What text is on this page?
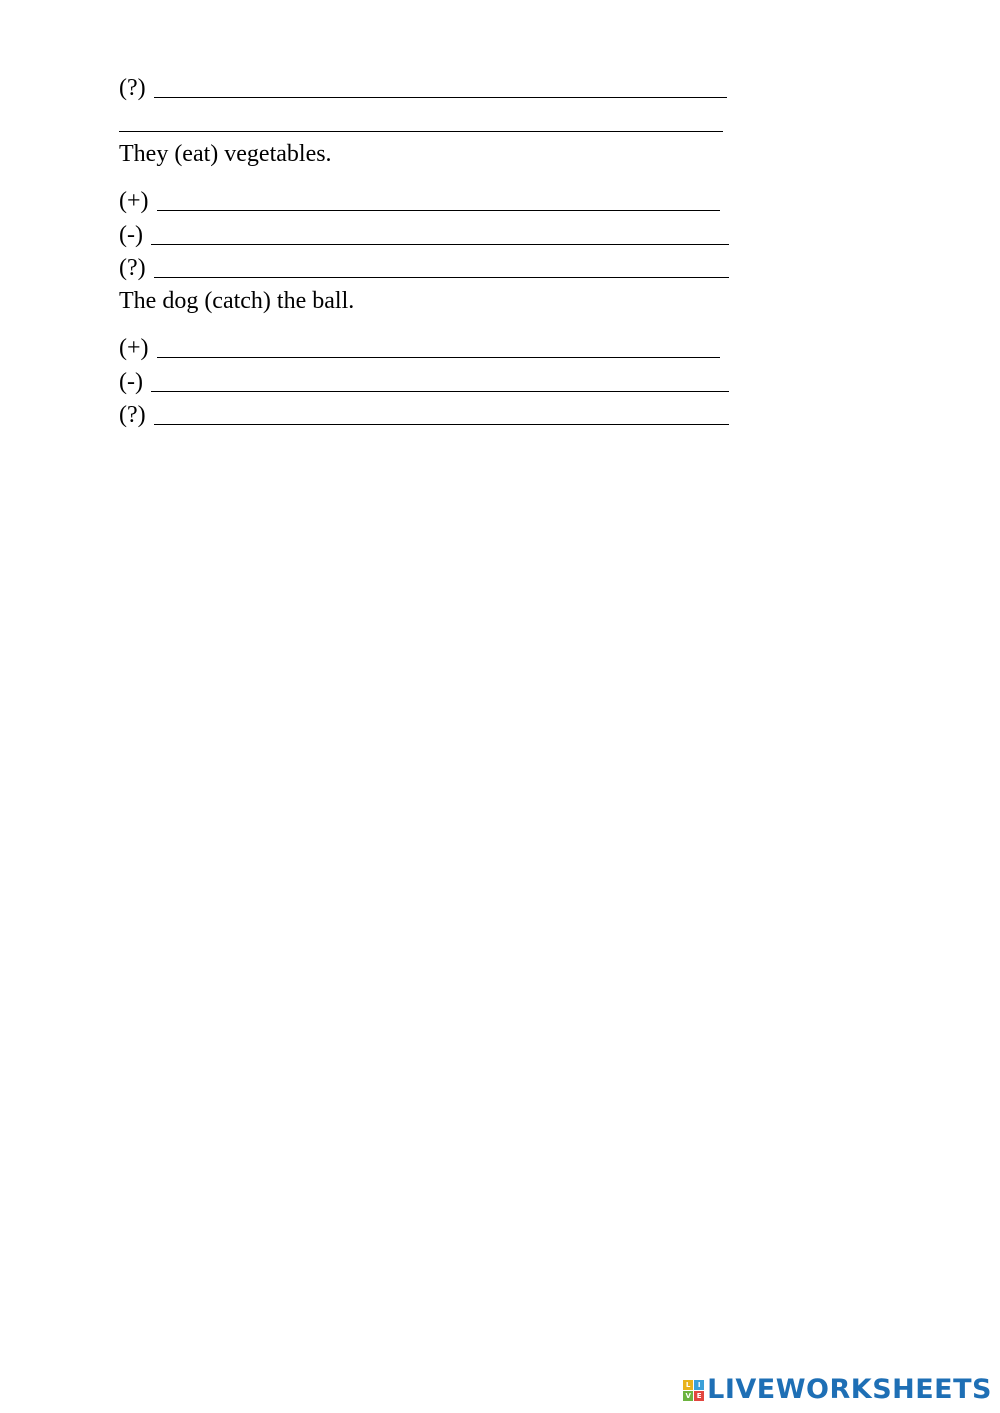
(?)
They (eat) vegetables.
(+)
(-)
(?)
The dog (catch) the ball.
(+)
(-)
(?)
L	I
V E LIVEWORKSHEETS
